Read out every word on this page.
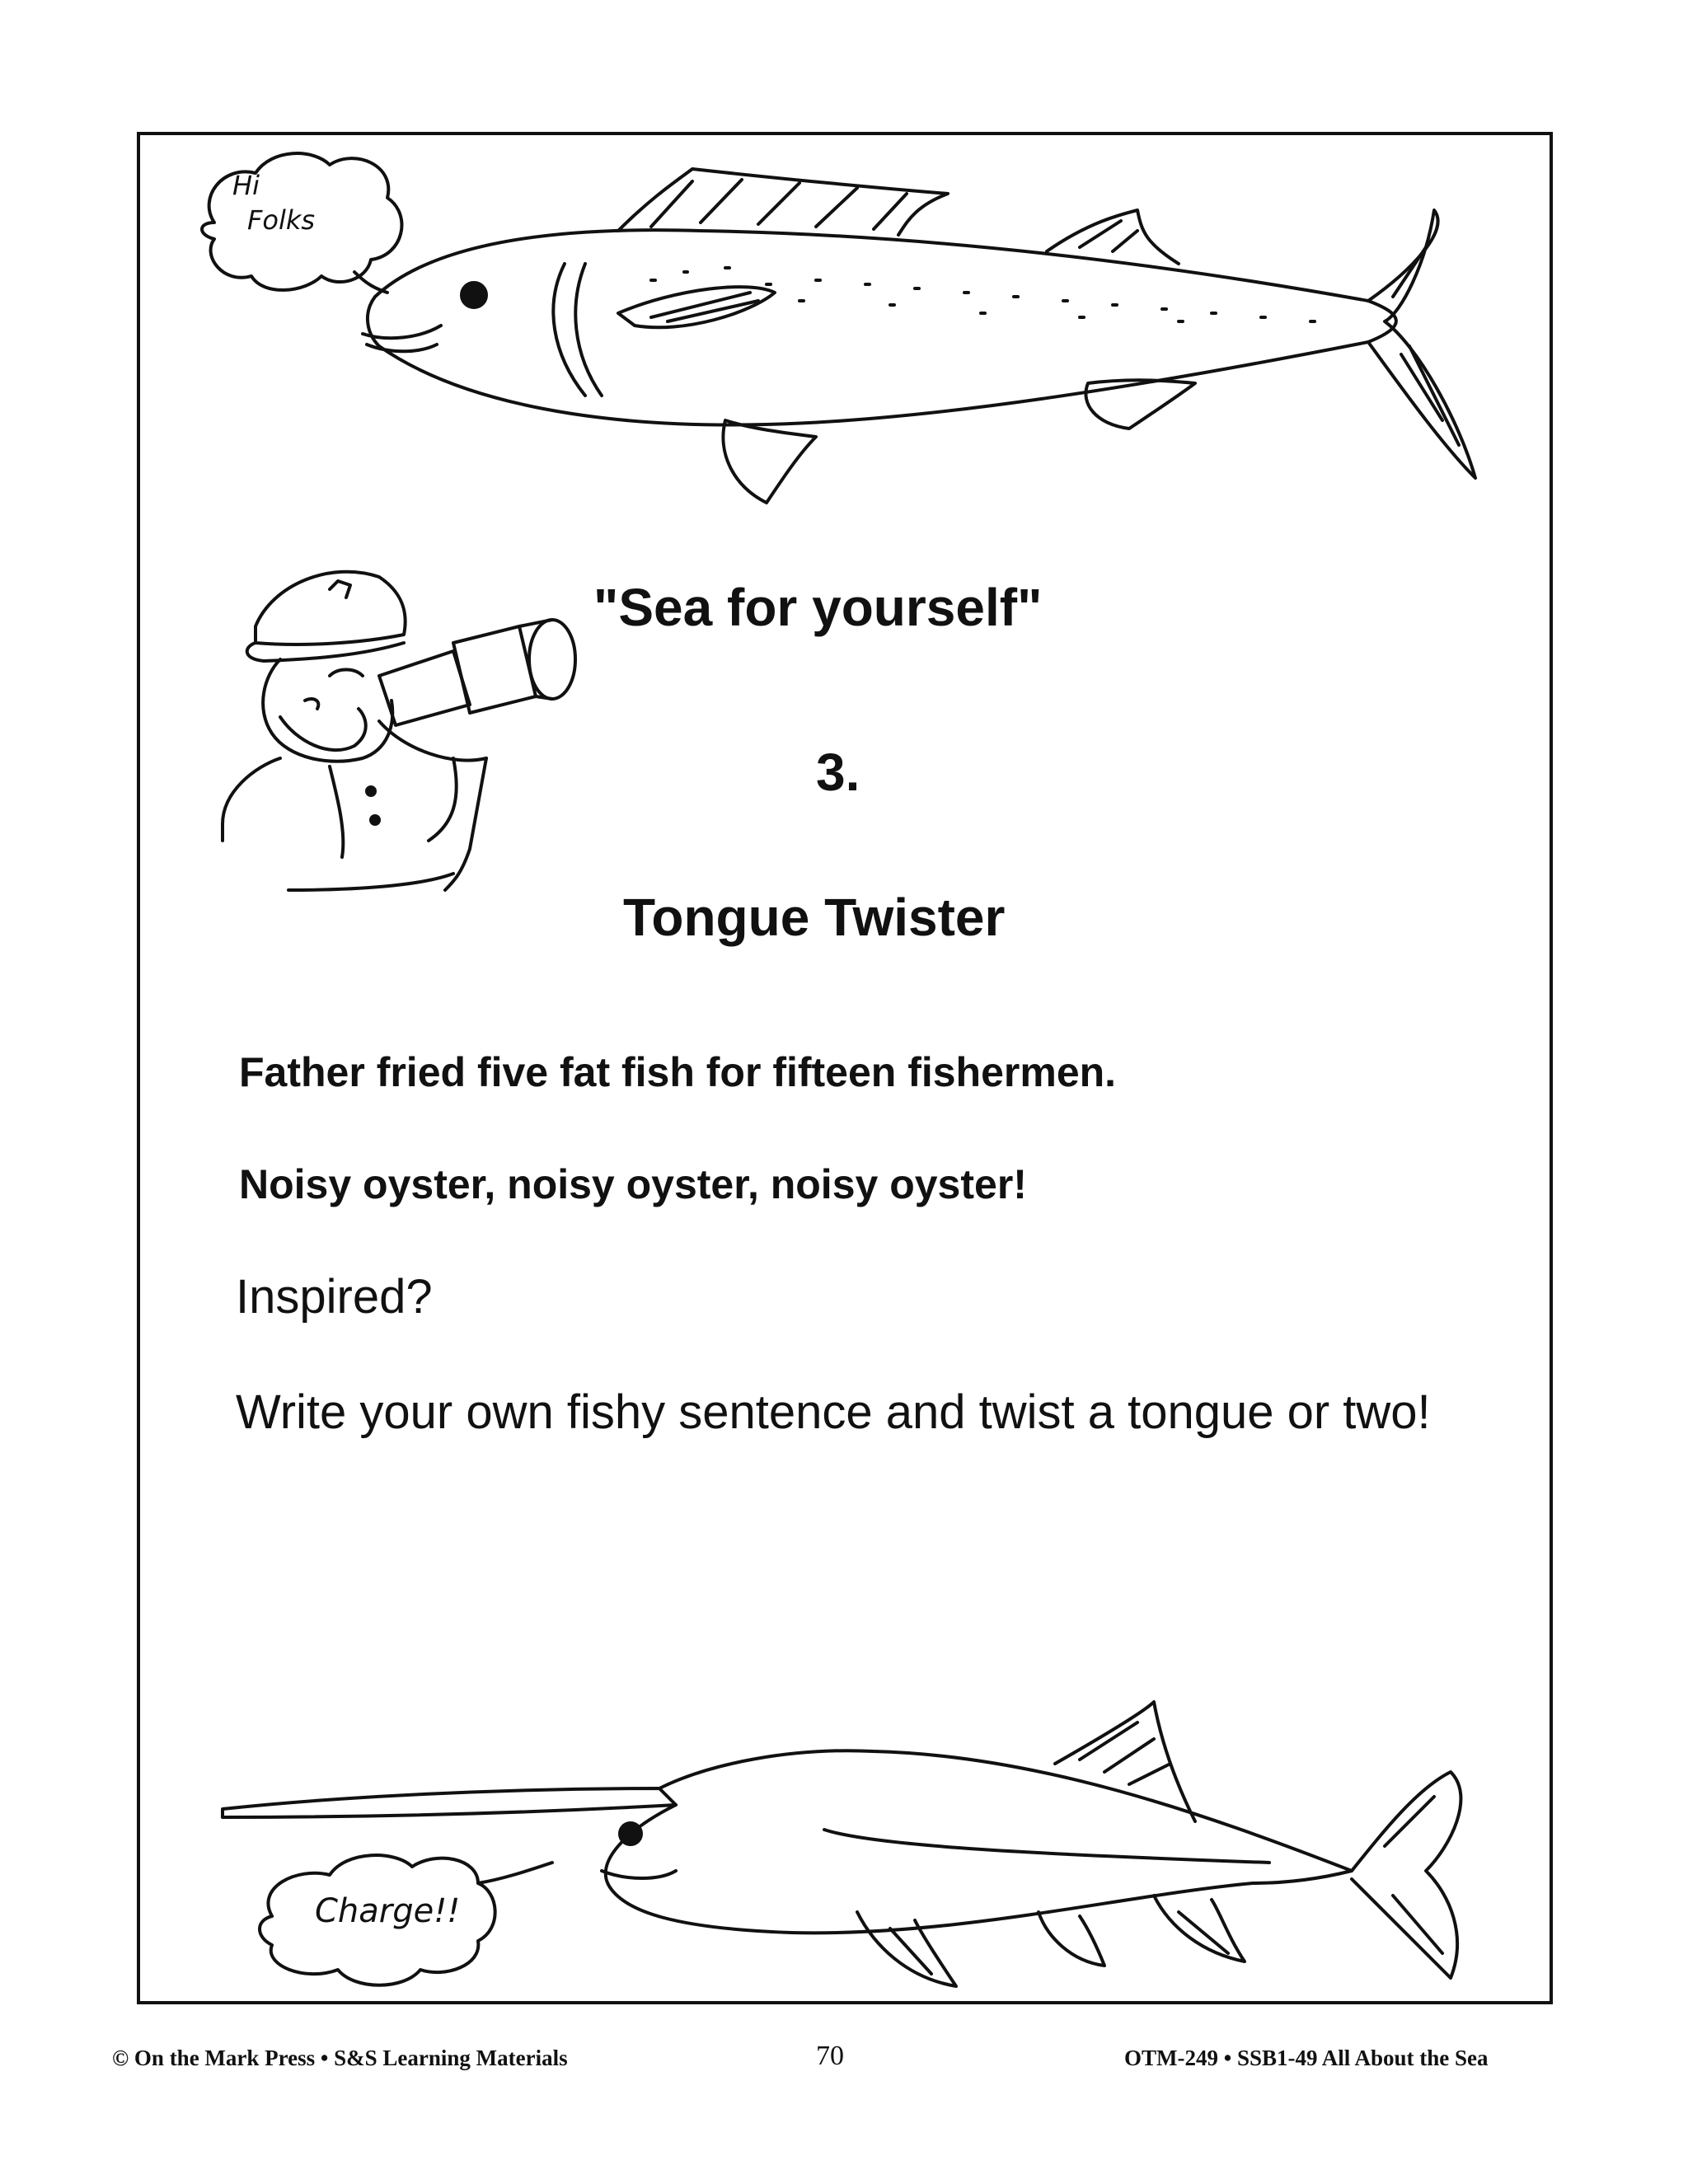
Hi
Folks
"Sea for yourself"
3.
Tongue Twister
Father fried five fat fish for fifteen fishermen.
Noisy oyster, noisy oyster, noisy oyster!
Inspired?
Write your own fishy sentence and twist a tongue or two!
Charge!!
© On the Mark Press • S&S Learning Materials	70	OTM-249 • SSB1-49 All About the Sea
